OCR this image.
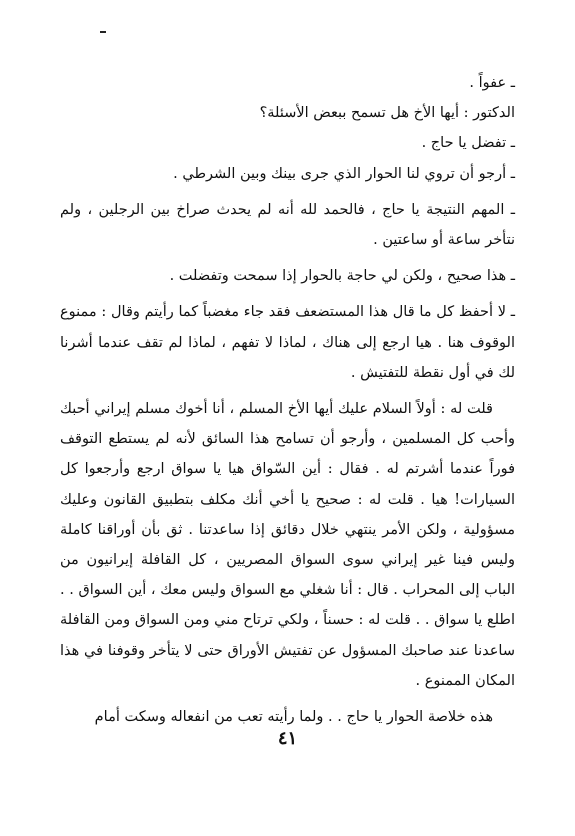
ـ عفواً .

الدكتور : أيها الأخ هل تسمح ببعض الأسئلة؟

ـ تفضل يا حاج .

ـ أرجو أن تروي لنا الحوار الذي جرى بينك وبين الشرطي .

ـ المهم النتيجة يا حاج ، فالحمد لله أنه لم يحدث صراخ بين الرجلين ، ولم نتأخر ساعة أو ساعتين .

ـ هذا صحيح ، ولكن لي حاجة بالحوار إذا سمحت وتفضلت .

ـ لا أحفظ كل ما قال هذا المستضعف فقد جاء مغضباً كما رأيتم وقال : ممنوع الوقوف هنا . هيا ارجع إلى هناك ، لماذا لا تفهم ، لماذا لم تقف عندما أشرنا لك في أول نقطة للتفتيش .

قلت له : أولاً السلام عليك أيها الأخ المسلم ، أنا أخوك مسلم إيراني أحبك وأحب كل المسلمين ، وأرجو أن تسامح هذا السائق لأنه لم يستطع التوقف فوراً عندما أشرتم له . فقال : أين السّواق هيا يا سواق ارجع وأرجعوا كل السيارات! هيا . قلت له : صحيح يا أخي أنك مكلف بتطبيق القانون وعليك مسؤولية ، ولكن الأمر ينتهي خلال دقائق إذا ساعدتنا . ثق بأن أوراقنا كاملة وليس فينا غير إيراني سوى السواق المصريين ، كل القافلة إيرانيون من الباب إلى المحراب . قال : أنا شغلي مع السواق وليس معك ، أين السواق . . اطلع يا سواق . . قلت له : حسناً ، ولكي ترتاح مني ومن السواق ومن القافلة ساعدنا عند صاحبك المسؤول عن تفتيش الأوراق حتى لا يتأخر وقوفنا في هذا المكان الممنوع .

هذه خلاصة الحوار يا حاج . . ولما رأيته تعب من انفعاله وسكت أمام

٤١
